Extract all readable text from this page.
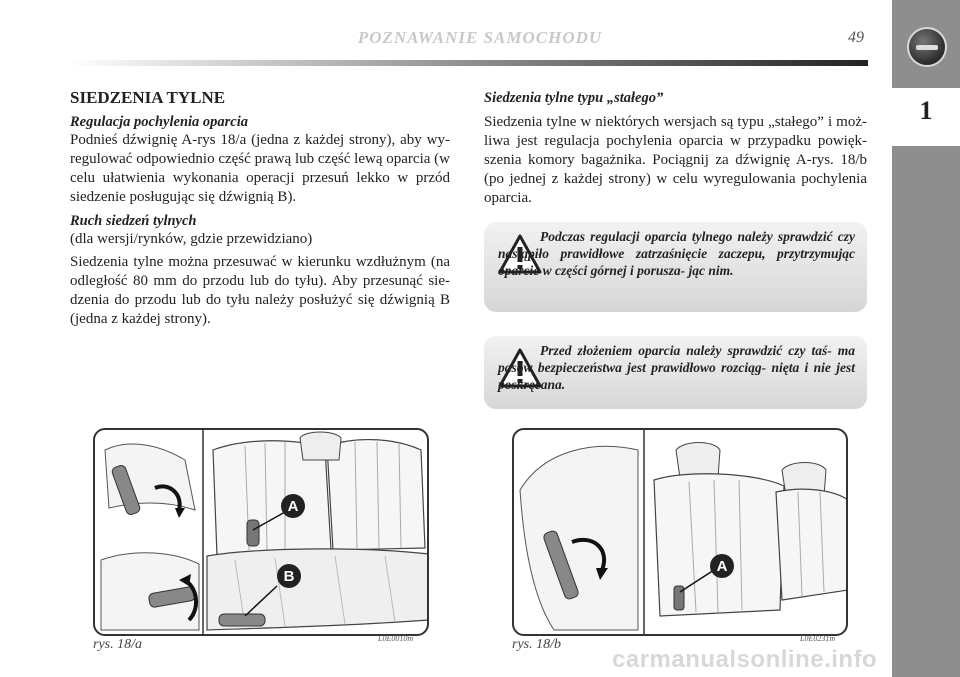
POZNAWANIE SAMOCHODU	49
1
SIEDZENIA TYLNE

Regulacja pochylenia oparcia

Podnieś dźwignię A-rys 18/a (jedna z każdej strony), aby wy- regulować odpowiednio część prawą lub część lewą oparcia (w celu ułatwienia wykonania operacji przesuń lekko w przód siedzenie posługując się dźwignią B).

Ruch siedzeń tylnych

(dla wersji/rynków, gdzie przewidziano)

Siedzenia tylne można przesuwać w kierunku wzdłużnym (na odległość 80 mm do przodu lub do tyłu). Aby przesunąć sie- dzenia do przodu lub do tyłu należy posłużyć się dźwignią B (jedna z każdej strony).

Siedzenia tylne typu „stałego”

Siedzenia tylne w niektórych wersjach są typu „stałego” i moż- liwa jest regulacja pochylenia oparcia w przypadku powięk- szenia komory bagażnika. Pociągnij za dźwignię A-rys. 18/b (po jednej z każdej strony) w celu wyregulowania pochylenia oparcia.

Podczas regulacji oparcia tylnego należy sprawdzić czy nastąpiło prawidłowe zatrzaśnięcie zaczepu, przytrzymując oparcie w części górnej i porusza- jąc nim.
Przed złożeniem oparcia należy sprawdzić czy taś- ma pasów bezpieczeństwa jest prawidłowo rozciąg- nięta i nie jest poskręcana.
A
B
A
rys. 18/a	L0E0010m	rys. 18/b	L0E0231m
carmanualsonline.info
